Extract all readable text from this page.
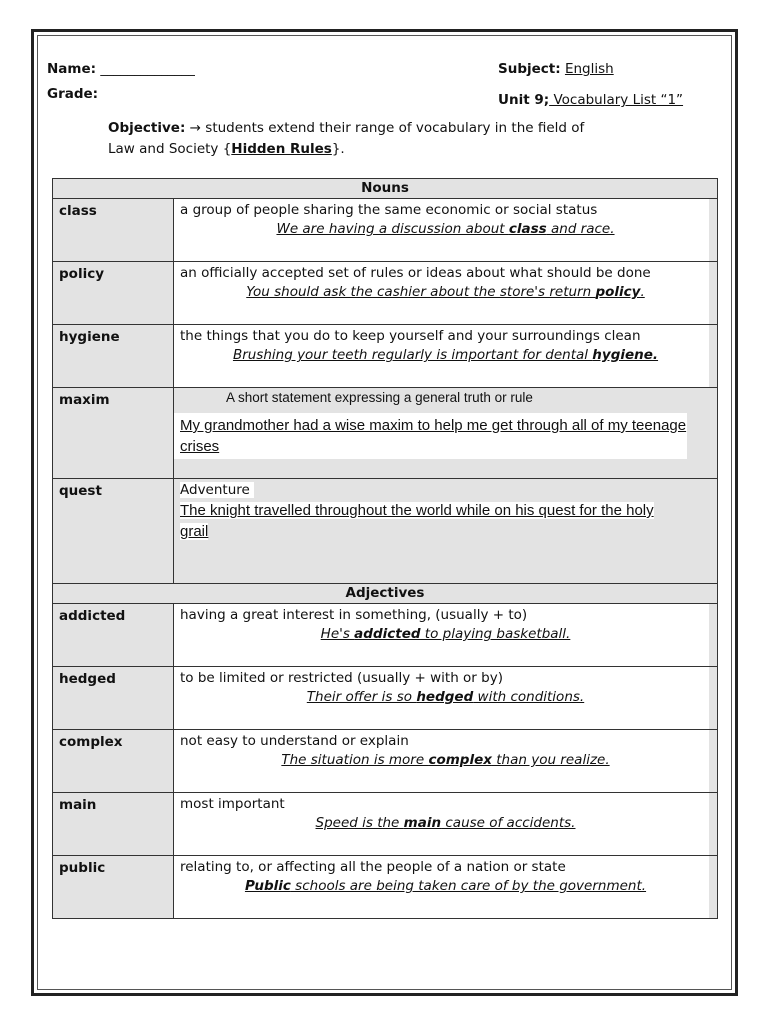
Name: ______________
Grade:
Subject: English
Unit 9; Vocabulary List “1”
Objective: → students extend their range of vocabulary in the field of
Law and Society {Hidden Rules}.
Nouns	
class	a group of people sharing the same economic or social status
We are having a discussion about class and race.

policy	an officially accepted set of rules or ideas about what should be done
You should ask the cashier about the store's return policy.

hygiene	the things that you do to keep yourself and your surroundings clean
Brushing your teeth regularly is important for dental hygiene.

maxim	A short statement expressing a general truth or rule
My grandmother had a wise maxim to help me get through all of my teenage crises

quest	Adventure
The knight travelled throughout the world while on his quest for the holy grail

Adjectives	
addicted	having a great interest in something, (usually + to)
He's addicted to playing basketball.

hedged	to be limited or restricted (usually + with or by)
Their offer is so hedged with conditions.

complex	not easy to understand or explain
The situation is more complex than you realize.

main	most important
Speed is the main cause of accidents.

public	relating to, or affecting all the people of a nation or state
Public schools are being taken care of by the government.
